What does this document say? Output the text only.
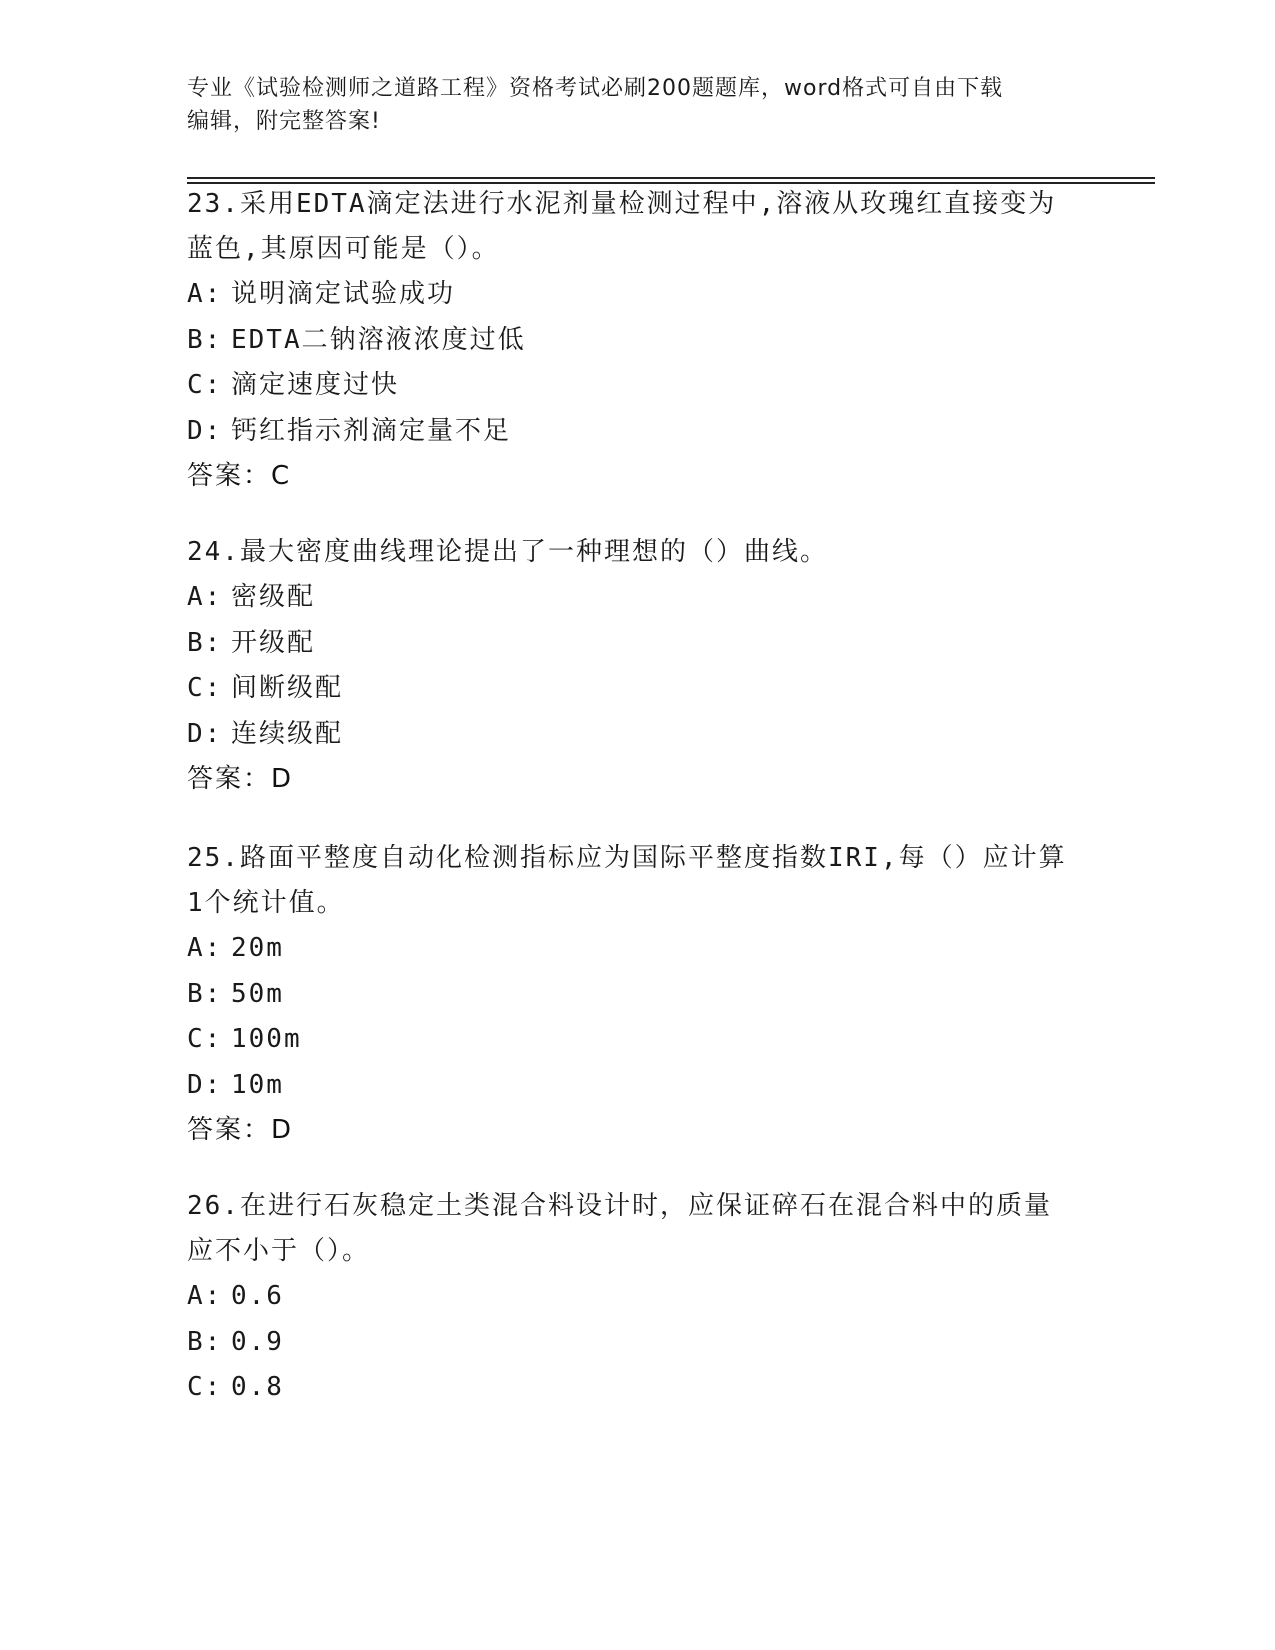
专业《试验检测师之道路工程》资格考试必刷200题题库，word格式可自由下载
编辑，附完整答案!
23.采用EDTA滴定法进行水泥剂量检测过程中,溶液从玫瑰红直接变为
蓝色,其原因可能是（）。
A: 说明滴定试验成功
B: EDTA二钠溶液浓度过低
C: 滴定速度过快
D: 钙红指示剂滴定量不足
答案：C
24.最大密度曲线理论提出了一种理想的（）曲线。
A: 密级配
B: 开级配
C: 间断级配
D: 连续级配
答案：D
25.路面平整度自动化检测指标应为国际平整度指数IRI,每（）应计算
1个统计值。
A: 20m
B: 50m
C: 100m
D: 10m
答案：D
26.在进行石灰稳定土类混合料设计时，应保证碎石在混合料中的质量
应不小于（）。
A: 0.6
B: 0.9
C: 0.8
